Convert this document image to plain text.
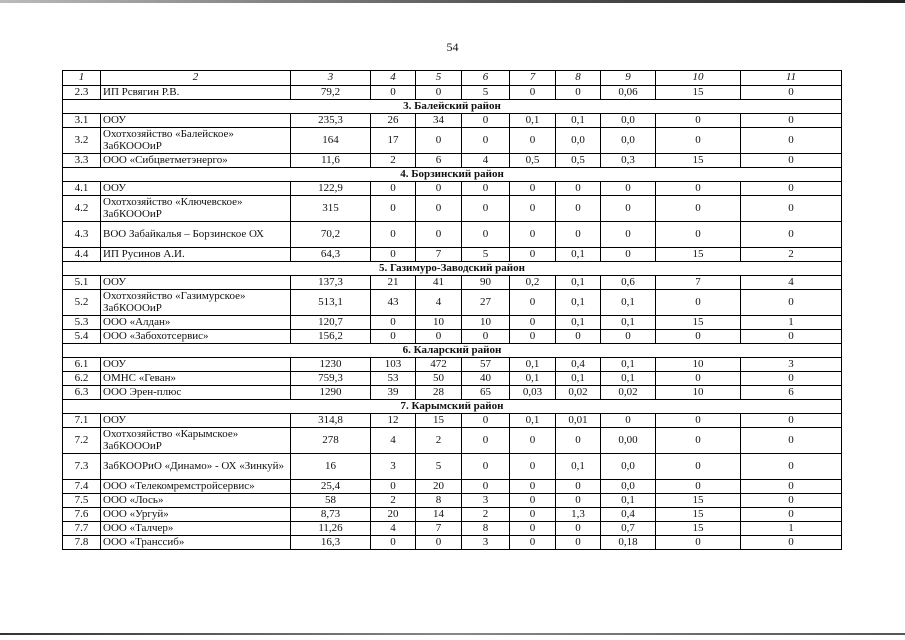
54
1	2	3	4	5	6	7	8	9	10	11
2.3	ИП Рсвягин Р.В.	79,2	0	0	5	0	0	0,06	15	0
3. Балейский район										
3.1	ООУ	235,3	26	34	0	0,1	0,1	0,0	0	0
3.2	Охотхозяйство «Балейское» ЗабКОООиР	164	17	0	0	0	0,0	0,0	0	0
3.3	ООО «Сибцветметэнерго»	11,6	2	6	4	0,5	0,5	0,3	15	0
4. Борзинский район										
4.1	ООУ	122,9	0	0	0	0	0	0	0	0
4.2	Охотхозяйство «Ключевское» ЗабКОООиР	315	0	0	0	0	0	0	0	0
4.3	ВОО Забайкалья – Борзинское ОХ	70,2	0	0	0	0	0	0	0	0
4.4	ИП Русинов А.И.	64,3	0	7	5	0	0,1	0	15	2
5. Газимуро-Заводский район										
5.1	ООУ	137,3	21	41	90	0,2	0,1	0,6	7	4
5.2	Охотхозяйство «Газимурское» ЗабКОООиР	513,1	43	4	27	0	0,1	0,1	0	0
5.3	ООО «Алдан»	120,7	0	10	10	0	0,1	0,1	15	1
5.4	ООО «Забохотсервис»	156,2	0	0	0	0	0	0	0	0
6. Каларский район										
6.1	ООУ	1230	103	472	57	0,1	0,4	0,1	10	3
6.2	ОМНС «Геван»	759,3	53	50	40	0,1	0,1	0,1	0	0
6.3	ООО Эрен-плюс	1290	39	28	65	0,03	0,02	0,02	10	6
7. Карымский район										
7.1	ООУ	314,8	12	15	0	0,1	0,01	0	0	0
7.2	Охотхозяйство «Карымское» ЗабКОООиР	278	4	2	0	0	0	0,00	0	0
7.3	ЗабКООРиО «Динамо» - ОХ «Зинкуй»	16	3	5	0	0	0,1	0,0	0	0
7.4	ООО «Телекомремстройсервис»	25,4	0	20	0	0	0	0,0	0	0
7.5	ООО «Лось»	58	2	8	3	0	0	0,1	15	0
7.6	ООО «Ургуй»	8,73	20	14	2	0	1,3	0,4	15	0
7.7	ООО «Талчер»	11,26	4	7	8	0	0	0,7	15	1
7.8	ООО «Транссиб»	16,3	0	0	3	0	0	0,18	0	0
